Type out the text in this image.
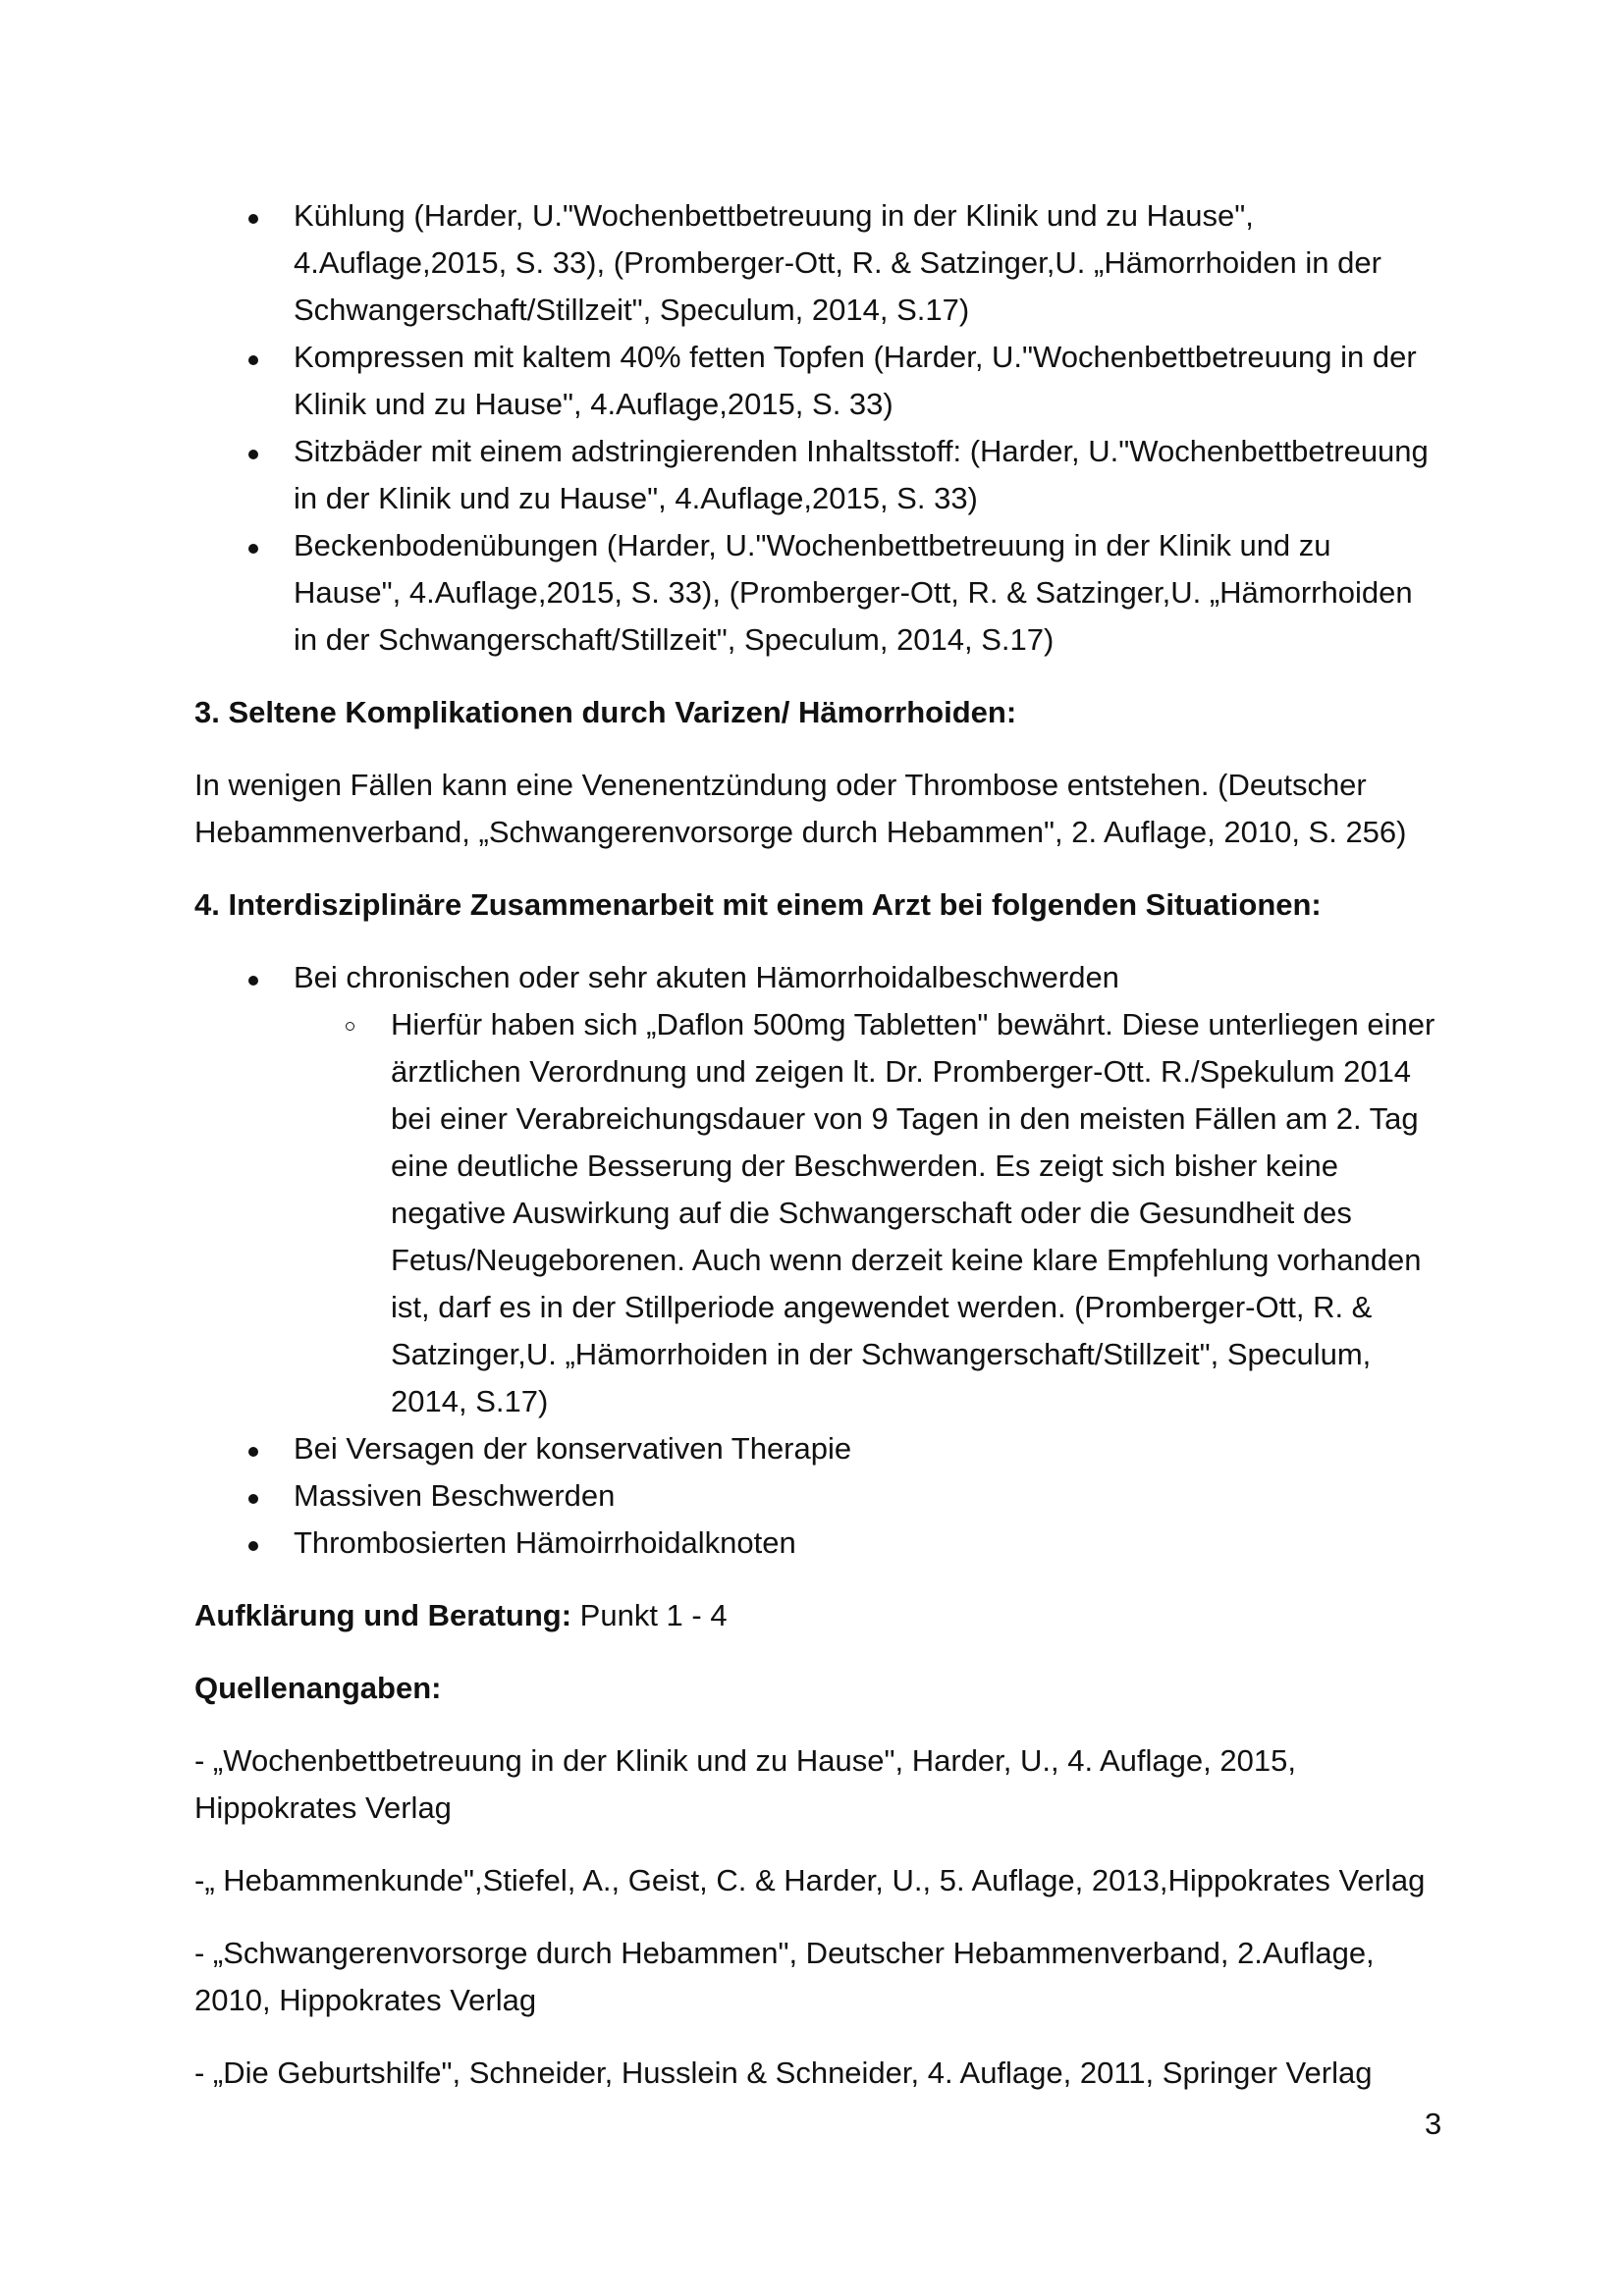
Kühlung (Harder, U."Wochenbettbetreuung in der Klinik und zu Hause", 4.Auflage,2015, S. 33), (Promberger-Ott, R. & Satzinger,U. „Hämorrhoiden in der Schwangerschaft/Stillzeit", Speculum, 2014, S.17)
Kompressen mit kaltem 40% fetten Topfen (Harder, U."Wochenbettbetreuung in der Klinik und zu Hause", 4.Auflage,2015, S. 33)
Sitzbäder mit einem adstringierenden Inhaltsstoff: (Harder, U."Wochenbettbetreuung in der Klinik und zu Hause", 4.Auflage,2015, S. 33)
Beckenbodenübungen (Harder, U."Wochenbettbetreuung in der Klinik und zu Hause", 4.Auflage,2015, S. 33), (Promberger-Ott, R. & Satzinger,U. „Hämorrhoiden in der Schwangerschaft/Stillzeit", Speculum, 2014, S.17)
3. Seltene Komplikationen durch Varizen/ Hämorrhoiden:

In wenigen Fällen kann eine Venenentzündung oder Thrombose entstehen. (Deutscher Hebammenverband, „Schwangerenvorsorge durch Hebammen", 2. Auflage, 2010, S. 256)

4. Interdisziplinäre Zusammenarbeit mit einem Arzt bei folgenden Situationen:
Bei chronischen oder sehr akuten Hämorrhoidalbeschwerden
Hierfür haben sich „Daflon 500mg Tabletten" bewährt. Diese unterliegen einer ärztlichen Verordnung und zeigen lt. Dr. Promberger-Ott. R./Spekulum 2014 bei einer Verabreichungsdauer von 9 Tagen in den meisten Fällen am 2. Tag eine deutliche Besserung der Beschwerden. Es zeigt sich bisher keine negative Auswirkung auf die Schwangerschaft oder die Gesundheit des Fetus/Neugeborenen. Auch wenn derzeit keine klare Empfehlung vorhanden ist, darf es in der Stillperiode angewendet werden. (Promberger-Ott, R. & Satzinger,U. „Hämorrhoiden in der Schwangerschaft/Stillzeit", Speculum, 2014, S.17)
Bei Versagen der konservativen Therapie
Massiven Beschwerden
Thrombosierten Hämoirrhoidalknoten

Aufklärung und Beratung: Punkt 1 - 4

Quellenangaben:

- „Wochenbettbetreuung in der Klinik und zu Hause", Harder, U., 4. Auflage, 2015, Hippokrates Verlag

-„ Hebammenkunde",Stiefel, A., Geist, C. & Harder, U., 5. Auflage, 2013,Hippokrates Verlag

- „Schwangerenvorsorge durch Hebammen", Deutscher Hebammenverband, 2.Auflage, 2010, Hippokrates Verlag

- „Die Geburtshilfe", Schneider, Husslein & Schneider, 4. Auflage, 2011, Springer Verlag

3
